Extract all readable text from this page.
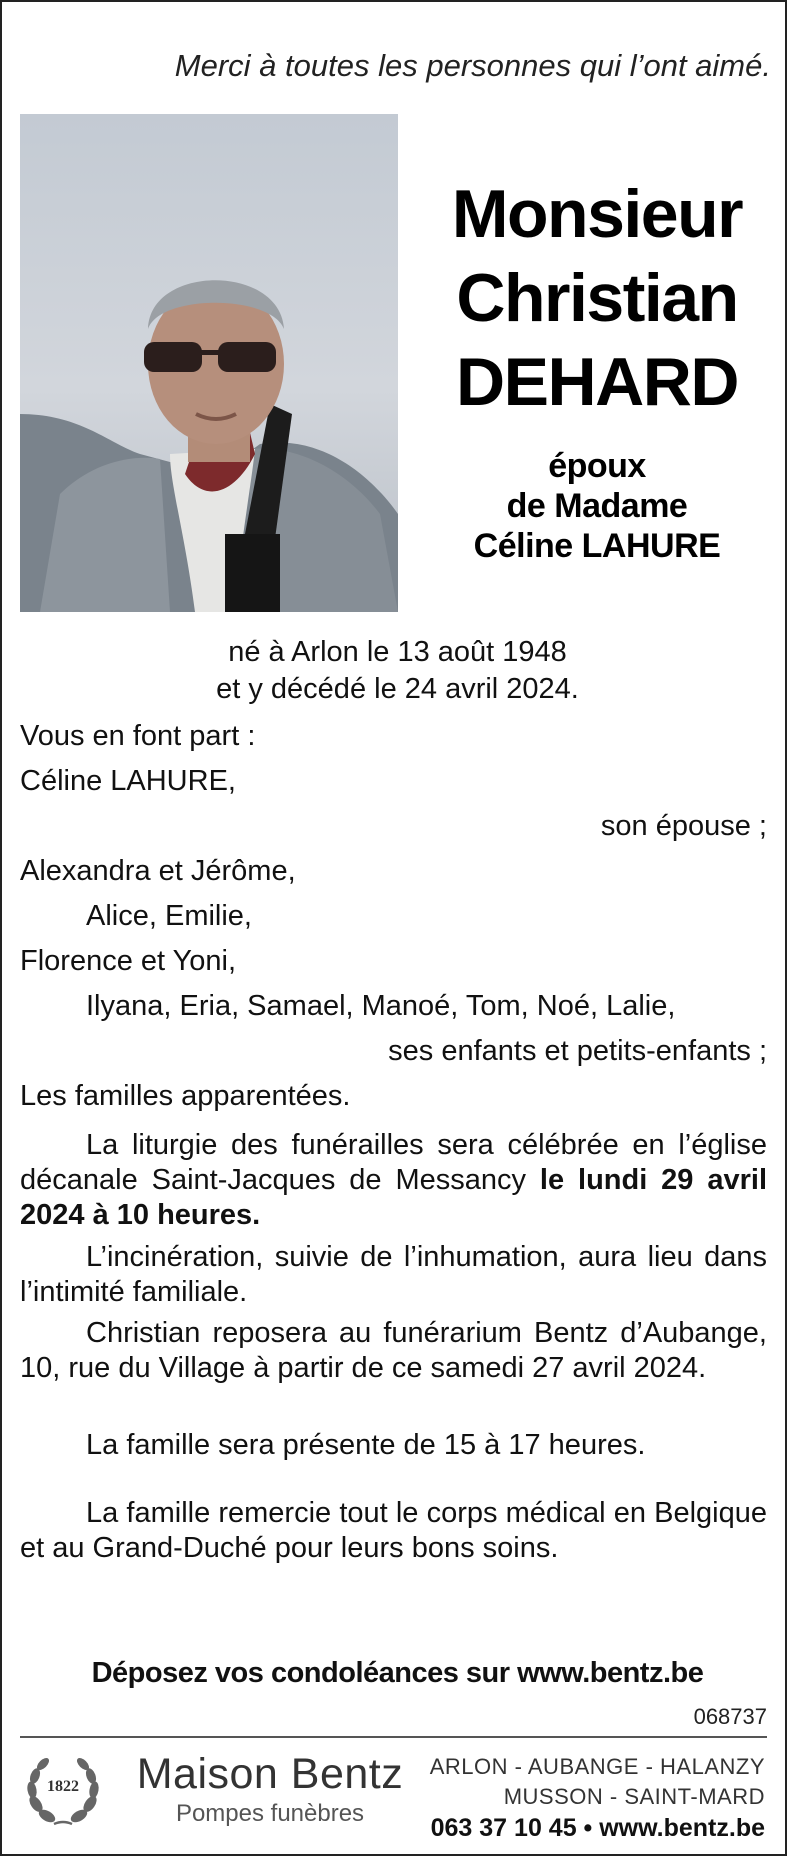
Merci à toutes les personnes qui l’ont aimé.
Monsieur
Christian
DEHARD
époux
de Madame
Céline LAHURE
né à Arlon le 13 août 1948
et y décédé le 24 avril 2024.
Vous en font part :
Céline LAHURE,
son épouse ;
Alexandra et Jérôme,
Alice, Emilie,
Florence et Yoni,
Ilyana, Eria, Samael, Manoé, Tom, Noé, Lalie,
ses enfants et petits-enfants ;
Les familles apparentées.
La liturgie des funérailles sera célébrée en l’église décanale Saint-Jacques de Messancy le lundi 29 avril 2024 à 10 heures.
L’incinération, suivie de l’inhumation, aura lieu dans l’intimité familiale.
Christian reposera au funérarium Bentz d’Aubange, 10, rue du Village à partir de ce samedi 27 avril 2024.
La famille sera présente de 15 à 17 heures.
La famille remercie tout le corps médical en Belgique et au Grand-Duché pour leurs bons soins.
Déposez vos condoléances sur www.bentz.be
068737
1822	Maison Bentz
Pompes funèbres
ARLON - AUBANGE - HALANZY
MUSSON - SAINT-MARD
063 37 10 45 • www.bentz.be
